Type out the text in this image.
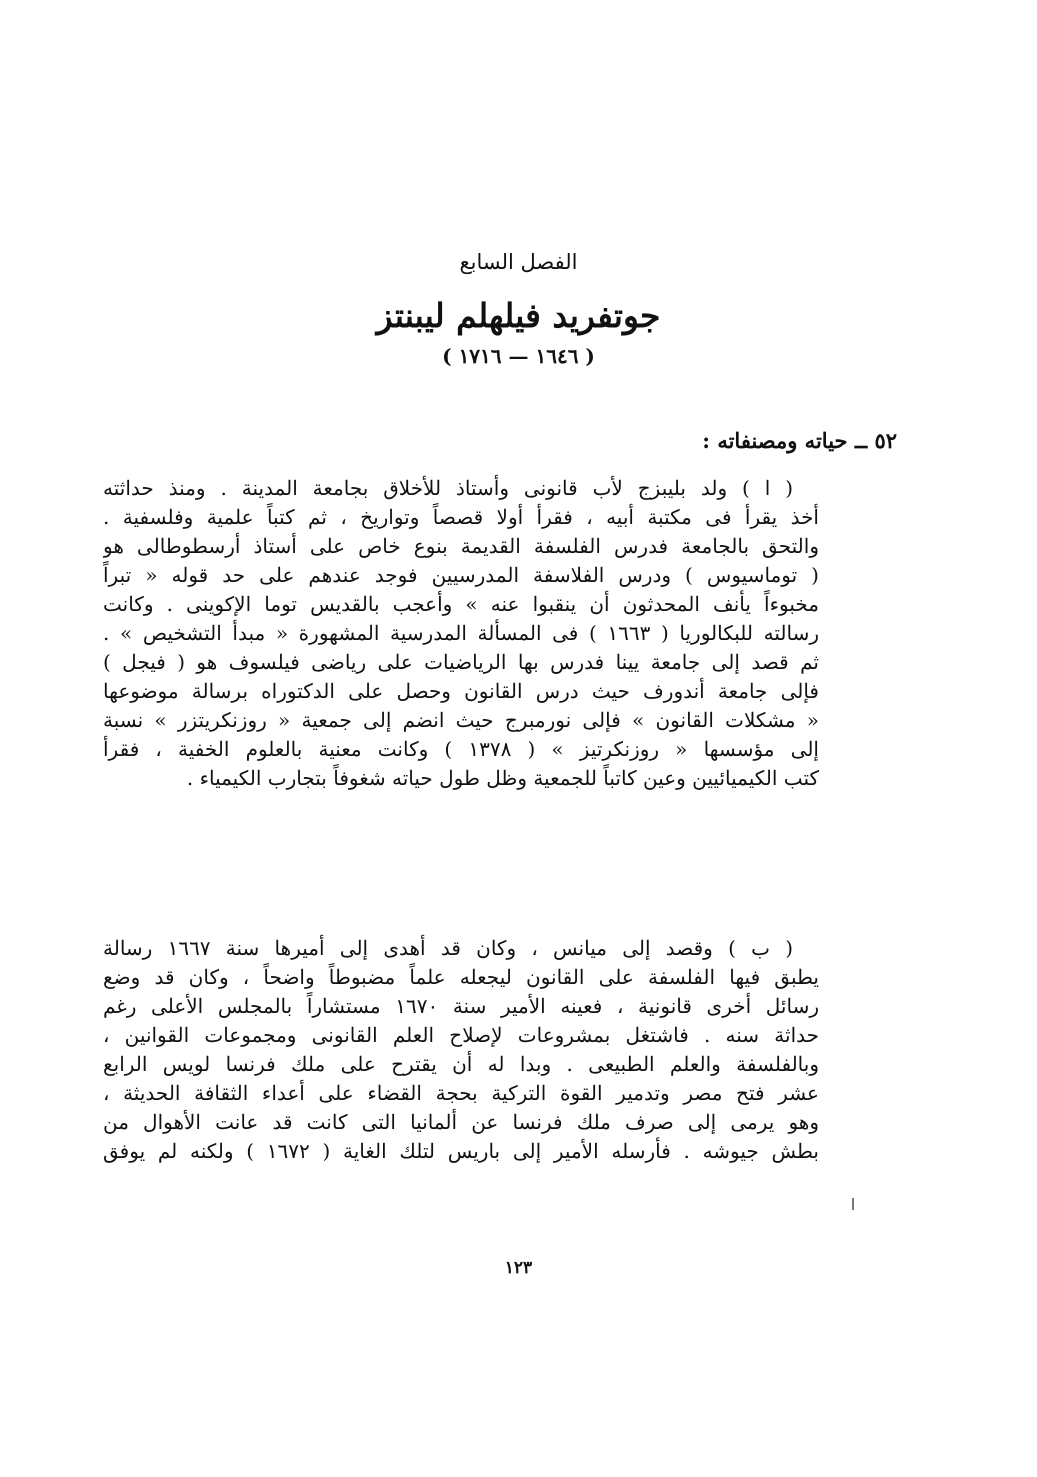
الفصل السابع
جوتفريد فيلهلم ليبنتز
( ١٦٤٦ — ١٧١٦ )
٥٢ ــ حياته ومصنفاته :
( ا ) ولد بليبزج لأب قانونى وأستاذ للأخلاق بجامعة المدينة . ومنذ حداثته
أخذ يقرأ فى مكتبة أبيه ، فقرأ أولا قصصاً وتواريخ ، ثم كتباً علمية وفلسفية .
والتحق بالجامعة فدرس الفلسفة القديمة بنوع خاص على أستاذ أرسطوطالى هو
( توماسيوس ) ودرس الفلاسفة المدرسيين فوجد عندهم على حد قوله « تبراً
مخبوءاً يأنف المحدثون أن ينقبوا عنه » وأعجب بالقديس توما الإكوينى . وكانت
رسالته للبكالوريا ( ١٦٦٣ ) فى المسألة المدرسية المشهورة « مبدأ التشخيص » .
ثم قصد إلى جامعة يينا فدرس بها الرياضيات على رياضى فيلسوف هو ( فيجل )
فإلى جامعة أندورف حيث درس القانون وحصل على الدكتوراه برسالة موضوعها
« مشكلات القانون » فإلى نورمبرج حيث انضم إلى جمعية « روزنكريتزر » نسبة
إلى مؤسسها « روزنكرتيز » ( ١٣٧٨ ) وكانت معنية بالعلوم الخفية ، فقرأ
كتب الكيميائيين وعين كاتباً للجمعية وظل طول حياته شغوفاً بتجارب الكيمياء .
( ب ) وقصد إلى ميانس ، وكان قد أهدى إلى أميرها سنة ١٦٦٧ رسالة
يطبق فيها الفلسفة على القانون ليجعله علماً مضبوطاً واضحاً ، وكان قد وضع
رسائل أخرى قانونية ، فعينه الأمير سنة ١٦٧٠ مستشاراً بالمجلس الأعلى رغم
حداثة سنه . فاشتغل بمشروعات لإصلاح العلم القانونى ومجموعات القوانين ،
وبالفلسفة والعلم الطبيعى . وبدا له أن يقترح على ملك فرنسا لويس الرابع
عشر فتح مصر وتدمير القوة التركية بحجة القضاء على أعداء الثقافة الحديثة ،
وهو يرمى إلى صرف ملك فرنسا عن ألمانيا التى كانت قد عانت الأهوال من
بطش جيوشه . فأرسله الأمير إلى باريس لتلك الغاية ( ١٦٧٢ ) ولكنه لم يوفق
١٢٣
